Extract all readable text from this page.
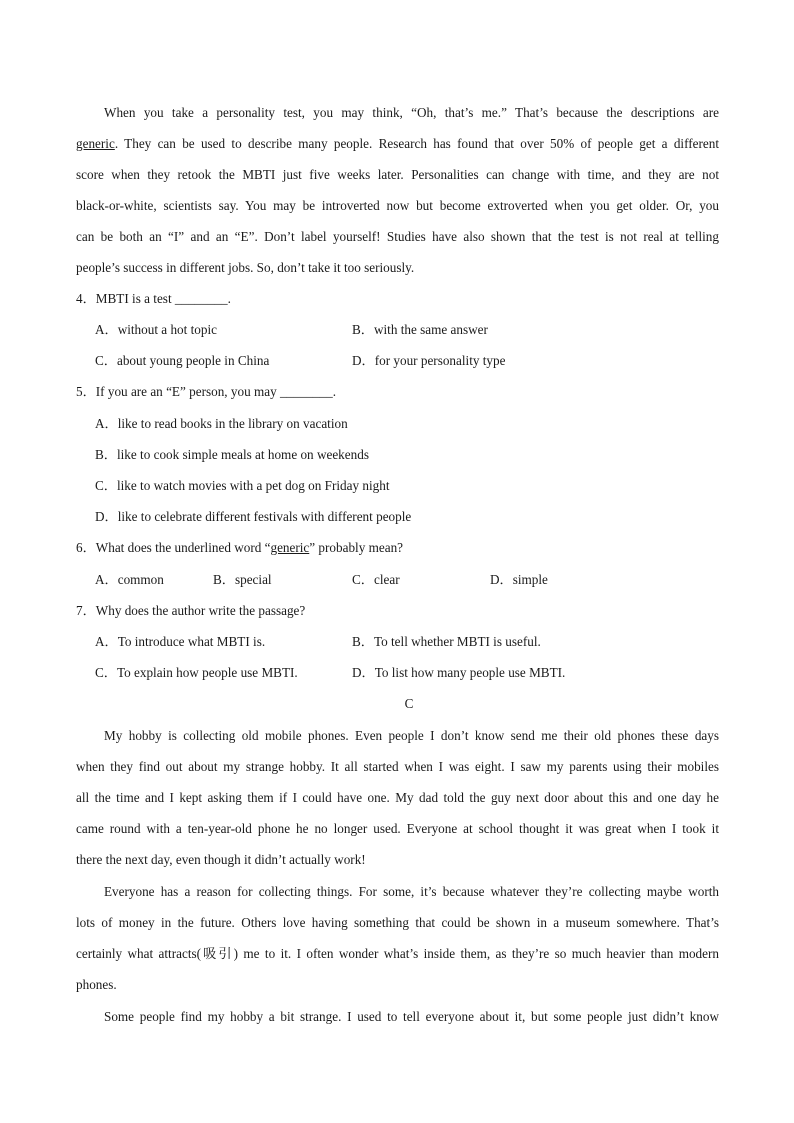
When you take a personality test, you may think, “Oh, that’s me.” That’s because the descriptions are
generic. They can be used to describe many people. Research has found that over 50% of people get a different
score when they retook the MBTI just five weeks later. Personalities can change with time, and they are not
black-or-white, scientists say. You may be introverted now but become extroverted when you get older. Or, you
can be both an “I” and an “E”. Don’t label yourself! Studies have also shown that the test is not real at telling
people’s success in different jobs. So, don’t take it too seriously.
4．MBTI is a test ________.
A．without a hot topic	B．with the same answer
C．about young people in China	D．for your personality type
5．If you are an “E” person, you may ________.
A．like to read books in the library on vacation
B．like to cook simple meals at home on weekends
C．like to watch movies with a pet dog on Friday night
D．like to celebrate different festivals with different people
6．What does the underlined word “generic” probably mean?
A．common	B．special	C．clear	D．simple
7．Why does the author write the passage?
A．To introduce what MBTI is.	B．To tell whether MBTI is useful.
C．To explain how people use MBTI.	D．To list how many people use MBTI.
C
My hobby is collecting old mobile phones. Even people I don’t know send me their old phones these days
when they find out about my strange hobby. It all started when I was eight. I saw my parents using their mobiles
all the time and I kept asking them if I could have one. My dad told the guy next door about this and one day he
came round with a ten-year-old phone he no longer used. Everyone at school thought it was great when I took it
there the next day, even though it didn’t actually work!
Everyone has a reason for collecting things. For some, it’s because whatever they’re collecting maybe worth
lots of money in the future. Others love having something that could be shown in a museum somewhere. That’s
certainly what attracts(吸引) me to it. I often wonder what’s inside them, as they’re so much heavier than modern
phones.
Some people find my hobby a bit strange. I used to tell everyone about it, but some people just didn’t know
